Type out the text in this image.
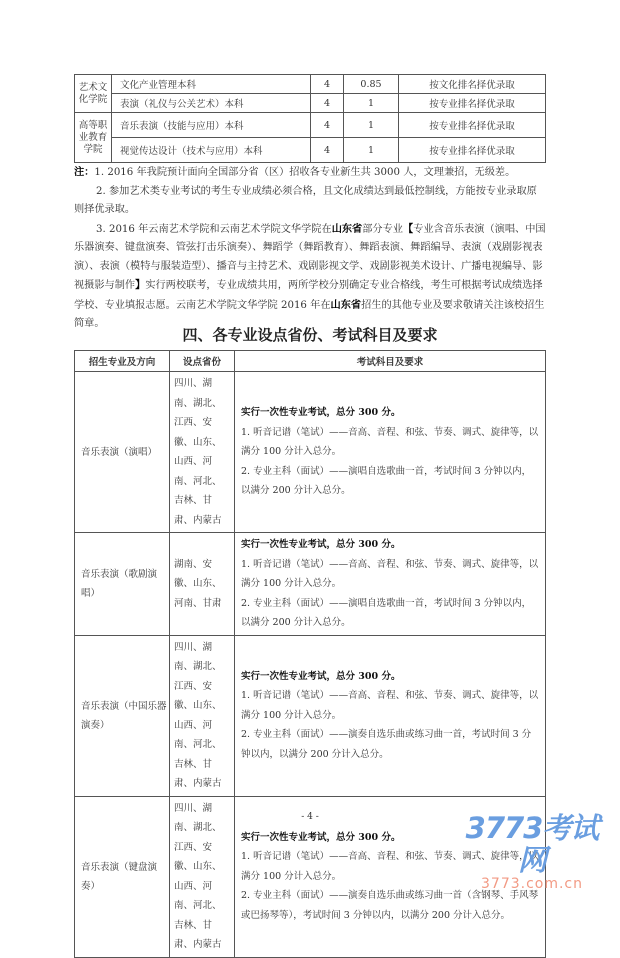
艺术文化学院	文化产业管理本科	4	0.85	按文化排名择优录取
	表演（礼仪与公关艺术）本科	4	1	按专业排名择优录取
高等职业教育学院	音乐表演（技能与应用）本科	4	1	按专业排名择优录取
	视觉传达设计（技术与应用）本科	4	1	按专业排名择优录取

注：1. 2016 年我院预计面向全国部分省（区）招收各专业新生共 3000 人，文理兼招，无级差。

2. 参加艺术类专业考试的考生专业成绩必须合格，且文化成绩达到最低控制线，方能按专业录取原则择优录取。

3. 2016 年云南艺术学院和云南艺术学院文华学院在山东省部分专业【专业含音乐表演（演唱、中国乐器演奏、键盘演奏、管弦打击乐演奏）、舞蹈学（舞蹈教育）、舞蹈表演、舞蹈编导、表演（戏剧影视表演）、表演（模特与服装造型）、播音与主持艺术、戏剧影视文学、戏剧影视美术设计、广播电视编导、影视摄影与制作】实行两校联考，专业成绩共用，两所学校分别确定专业合格线，考生可根据考试成绩选择学校、专业填报志愿。云南艺术学院文华学院 2016 年在山东省招生的其他专业及要求敬请关注该校招生简章。

四、各专业设点省份、考试科目及要求
招生专业及方向	设点省份	考试科目及要求
音乐表演（演唱）	四川、湖南、湖北、江西、安徽、山东、山西、河南、河北、吉林、甘肃、内蒙古	实行一次性专业考试，总分 300 分。
1. 听音记谱（笔试）——音高、音程、和弦、节奏、调式、旋律等，以满分 100 分计入总分。
2. 专业主科（面试）——演唱自选歌曲一首，考试时间 3 分钟以内，以满分 200 分计入总分。

音乐表演（歌剧演唱）	湖南、安徽、山东、河南、甘肃	实行一次性专业考试，总分 300 分。
1. 听音记谱（笔试）——音高、音程、和弦、节奏、调式、旋律等，以满分 100 分计入总分。
2. 专业主科（面试）——演唱自选歌曲一首，考试时间 3 分钟以内，以满分 200 分计入总分。

音乐表演（中国乐器演奏）	四川、湖南、湖北、江西、安徽、山东、山西、河南、河北、吉林、甘肃、内蒙古	实行一次性专业考试，总分 300 分。
1. 听音记谱（笔试）——音高、音程、和弦、节奏、调式、旋律等，以满分 100 分计入总分。
2. 专业主科（面试）——演奏自选乐曲或练习曲一首，考试时间 3 分钟以内，以满分 200 分计入总分。

音乐表演（键盘演奏）	四川、湖南、湖北、江西、安徽、山东、山西、河南、河北、吉林、甘肃、内蒙古	实行一次性专业考试，总分 300 分。
1. 听音记谱（笔试）——音高、音程、和弦、节奏、调式、旋律等，以满分 100 分计入总分。
2. 专业主科（面试）——演奏自选乐曲或练习曲一首（含钢琴、手风琴或巴扬琴等），考试时间 3 分钟以内，以满分 200 分计入总分。
- 4 -	3773考试网
3773.com.cn
